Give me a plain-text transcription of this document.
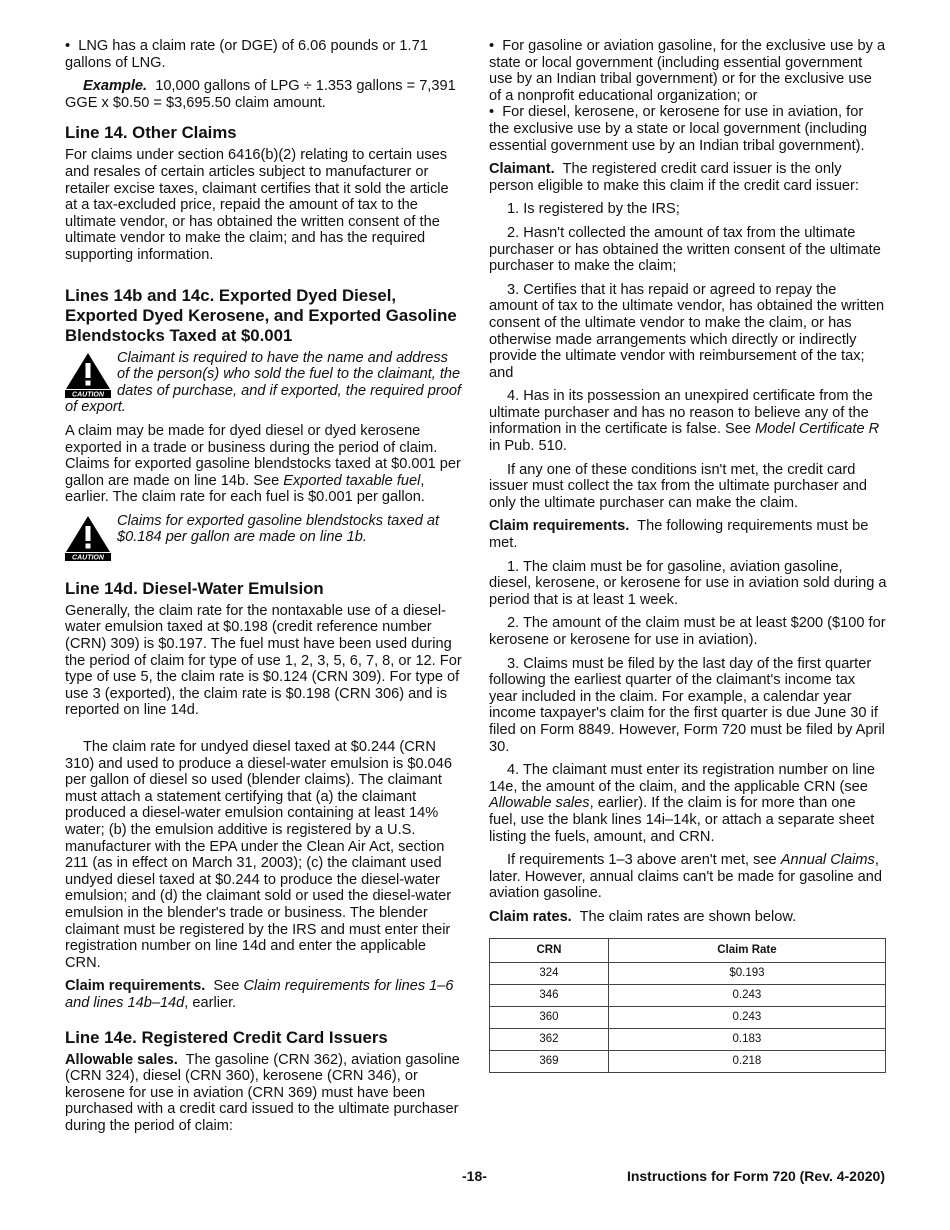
•  LNG has a claim rate (or DGE) of 6.06 pounds or 1.71 gallons of LNG.

Example. 10,000 gallons of LPG ÷ 1.353 gallons = 7,391 GGE x $0.50 = $3,695.50 claim amount.

Line 14. Other Claims

For claims under section 6416(b)(2) relating to certain uses and resales of certain articles subject to manufacturer or retailer excise taxes, claimant certifies that it sold the article at a tax-excluded price, repaid the amount of tax to the ultimate vendor, or has obtained the written consent of the ultimate vendor to make the claim; and has the required supporting information.

Lines 14b and 14c. Exported Dyed Diesel, Exported Dyed Kerosene, and Exported Gasoline Blendstocks Taxed at $0.001
CAUTION
Claimant is required to have the name and address of the person(s) who sold the fuel to the claimant, the dates of purchase, and if exported, the required proof of export.

A claim may be made for dyed diesel or dyed kerosene exported in a trade or business during the period of claim. Claims for exported gasoline blendstocks taxed at $0.001 per gallon are made on line 14b. See Exported taxable fuel, earlier. The claim rate for each fuel is $0.001 per gallon.

CAUTION
Claims for exported gasoline blendstocks taxed at $0.184 per gallon are made on line 1b.
Line 14d. Diesel-Water Emulsion

Generally, the claim rate for the nontaxable use of a diesel-water emulsion taxed at $0.198 (credit reference number (CRN) 309) is $0.197. The fuel must have been used during the period of claim for type of use 1, 2, 3, 5, 6, 7, 8, or 12. For type of use 5, the claim rate is $0.124 (CRN 309). For type of use 3 (exported), the claim rate is $0.198 (CRN 306) and is reported on line 14d.

The claim rate for undyed diesel taxed at $0.244 (CRN 310) and used to produce a diesel-water emulsion is $0.046 per gallon of diesel so used (blender claims). The claimant must attach a statement certifying that (a) the claimant produced a diesel-water emulsion containing at least 14% water; (b) the emulsion additive is registered by a U.S. manufacturer with the EPA under the Clean Air Act, section 211 (as in effect on March 31, 2003); (c) the claimant used undyed diesel taxed at $0.244 to produce the diesel-water emulsion; and (d) the claimant sold or used the diesel-water emulsion in the blender's trade or business. The blender claimant must be registered by the IRS and must enter their registration number on line 14d and enter the applicable CRN.

Claim requirements. See Claim requirements for lines 1–6 and lines 14b–14d, earlier.

Line 14e. Registered Credit Card Issuers

Allowable sales. The gasoline (CRN 362), aviation gasoline (CRN 324), diesel (CRN 360), kerosene (CRN 346), or kerosene for use in aviation (CRN 369) must have been purchased with a credit card issued to the ultimate purchaser during the period of claim:

•  For gasoline or aviation gasoline, for the exclusive use by a state or local government (including essential government use by an Indian tribal government) or for the exclusive use of a nonprofit educational organization; or

•  For diesel, kerosene, or kerosene for use in aviation, for the exclusive use by a state or local government (including essential government use by an Indian tribal government).

Claimant. The registered credit card issuer is the only person eligible to make this claim if the credit card issuer:

1. Is registered by the IRS;

2. Hasn't collected the amount of tax from the ultimate purchaser or has obtained the written consent of the ultimate purchaser to make the claim;

3. Certifies that it has repaid or agreed to repay the amount of tax to the ultimate vendor, has obtained the written consent of the ultimate vendor to make the claim, or has otherwise made arrangements which directly or indirectly provide the ultimate vendor with reimbursement of the tax; and

4. Has in its possession an unexpired certificate from the ultimate purchaser and has no reason to believe any of the information in the certificate is false. See Model Certificate R in Pub. 510.

If any one of these conditions isn't met, the credit card issuer must collect the tax from the ultimate purchaser and only the ultimate purchaser can make the claim.

Claim requirements. The following requirements must be met.

1. The claim must be for gasoline, aviation gasoline, diesel, kerosene, or kerosene for use in aviation sold during a period that is at least 1 week.

2. The amount of the claim must be at least $200 ($100 for kerosene or kerosene for use in aviation).

3. Claims must be filed by the last day of the first quarter following the earliest quarter of the claimant's income tax year included in the claim. For example, a calendar year income taxpayer's claim for the first quarter is due June 30 if filed on Form 8849. However, Form 720 must be filed by April 30.

4. The claimant must enter its registration number on line 14e, the amount of the claim, and the applicable CRN (see Allowable sales, earlier). If the claim is for more than one fuel, use the blank lines 14i–14k, or attach a separate sheet listing the fuels, amount, and CRN.

If requirements 1–3 above aren't met, see Annual Claims, later. However, annual claims can't be made for gasoline and aviation gasoline.

Claim rates. The claim rates are shown below.

CRN	Claim Rate
324	$0.193
346	0.243
360	0.243
362	0.183
369	0.218
-18-	Instructions for Form 720 (Rev. 4-2020)
